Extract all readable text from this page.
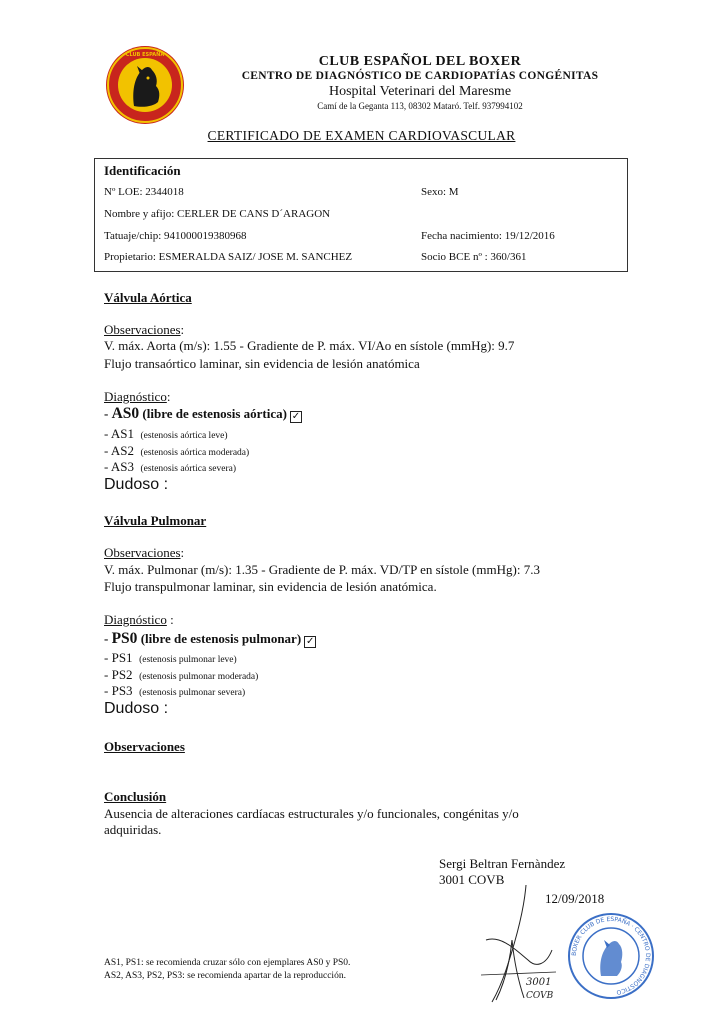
CLUB ESPAÑA	CLUB ESPAÑOL DEL BOXER
CENTRO DE DIAGNÓSTICO DE CARDIOPATÍAS CONGÉNITAS
Hospital Veterinari del Maresme
Camí de la Geganta 113, 08302 Mataró. Telf. 937994102
CERTIFICADO DE EXAMEN CARDIOVASCULAR
Identificación
Nº LOE: 2344018	Sexo: M
Nombre y afijo: CERLER DE CANS D´ARAGON
Tatuaje/chip: 941000019380968	Fecha nacimiento: 19/12/2016
Propietario: ESMERALDA SAIZ/ JOSE M. SANCHEZ	Socio BCE nº : 360/361
Válvula Aórtica
Observaciones:
V. máx. Aorta (m/s): 1.55 - Gradiente de P. máx. VI/Ao en sístole (mmHg): 9.7
Flujo transaórtico laminar, sin evidencia de lesión anatómica
Diagnóstico:
- AS0 (libre de estenosis aórtica) ✓
- AS1 (estenosis aórtica leve)
- AS2 (estenosis aórtica moderada)
- AS3 (estenosis aórtica severa)
Dudoso :
Válvula Pulmonar
Observaciones:
V. máx. Pulmonar (m/s): 1.35 - Gradiente de P. máx. VD/TP en sístole (mmHg): 7.3
Flujo transpulmonar laminar, sin evidencia de lesión anatómica.
Diagnóstico :
- PS0 (libre de estenosis pulmonar) ✓
- PS1 (estenosis pulmonar leve)
- PS2 (estenosis pulmonar moderada)
- PS3 (estenosis pulmonar severa)
Dudoso :
Observaciones
Conclusión
Ausencia de alteraciones cardíacas estructurales y/o funcionales, congénitas y/o
adquiridas.
Sergi Beltran Fernàndez
3001 COVB
12/09/2018
3001
COVB
BOXER CLUB DE ESPAÑA · CENTRO DE DIAGNÓSTICO
AS1, PS1: se recomienda cruzar sólo con ejemplares AS0 y PS0.
AS2, AS3, PS2, PS3: se recomienda apartar de la reproducción.
